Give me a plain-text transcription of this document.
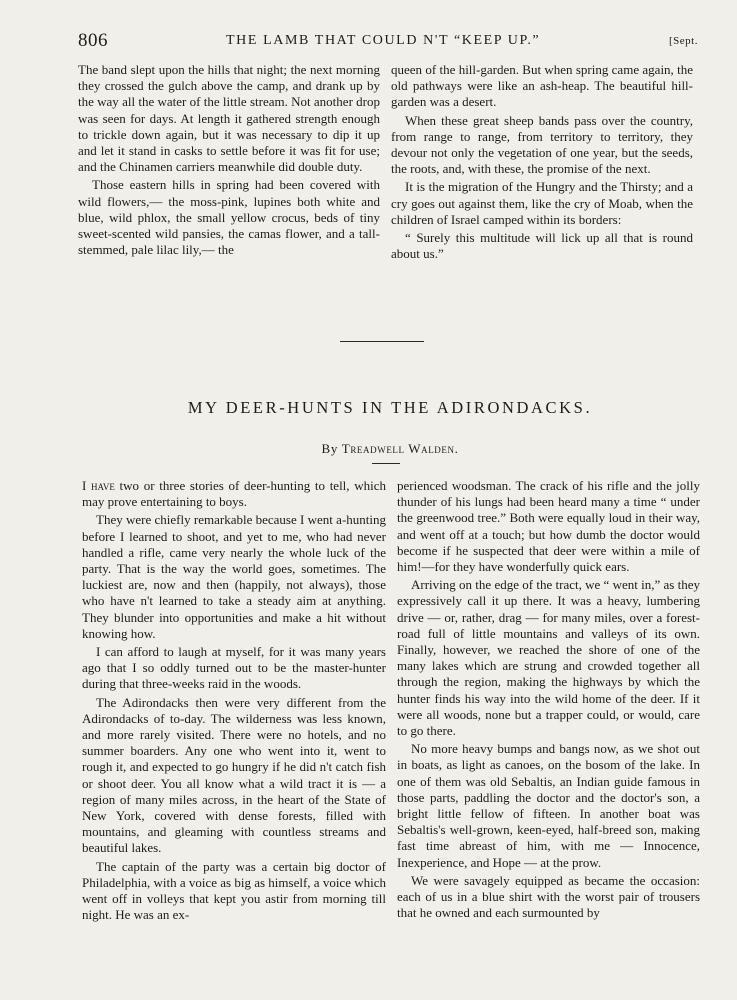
806	THE LAMB THAT COULD N'T “KEEP UP.”	[Sept.

The band slept upon the hills that night; the next morning they crossed the gulch above the camp, and drank up by the way all the water of the little stream. Not another drop was seen for days. At length it gathered strength enough to trickle down again, but it was necessary to dip it up and let it stand in casks to settle before it was fit for use; and the Chinamen carriers meanwhile did double duty.

Those eastern hills in spring had been covered with wild flowers,— the moss-pink, lupines both white and blue, wild phlox, the small yellow crocus, beds of tiny sweet-scented wild pansies, the camas flower, and a tall-stemmed, pale lilac lily,— the

queen of the hill-garden. But when spring came again, the old pathways were like an ash-heap. The beautiful hill-garden was a desert.

When these great sheep bands pass over the country, from range to range, from territory to territory, they devour not only the vegetation of one year, but the seeds, the roots, and, with these, the promise of the next.

It is the migration of the Hungry and the Thirsty; and a cry goes out against them, like the cry of Moab, when the children of Israel camped within its borders:

“ Surely this multitude will lick up all that is round about us.”

MY DEER-HUNTS IN THE ADIRONDACKS.
By Treadwell Walden.

I have two or three stories of deer-hunting to tell, which may prove entertaining to boys.

They were chiefly remarkable because I went a-hunting before I learned to shoot, and yet to me, who had never handled a rifle, came very nearly the whole luck of the party. That is the way the world goes, sometimes. The luckiest are, now and then (happily, not always), those who have n't learned to take a steady aim at anything. They blunder into opportunities and make a hit without knowing how.

I can afford to laugh at myself, for it was many years ago that I so oddly turned out to be the master-hunter during that three-weeks raid in the woods.

The Adirondacks then were very different from the Adirondacks of to-day. The wilderness was less known, and more rarely visited. There were no hotels, and no summer boarders. Any one who went into it, went to rough it, and expected to go hungry if he did n't catch fish or shoot deer. You all know what a wild tract it is — a region of many miles across, in the heart of the State of New York, covered with dense forests, filled with mountains, and gleaming with countless streams and beautiful lakes.

The captain of the party was a certain big doctor of Philadelphia, with a voice as big as himself, a voice which went off in volleys that kept you astir from morning till night. He was an ex-

perienced woodsman. The crack of his rifle and the jolly thunder of his lungs had been heard many a time “ under the greenwood tree.” Both were equally loud in their way, and went off at a touch; but how dumb the doctor would become if he suspected that deer were within a mile of him!—for they have wonderfully quick ears.

Arriving on the edge of the tract, we “ went in,” as they expressively call it up there. It was a heavy, lumbering drive — or, rather, drag — for many miles, over a forest-road full of little mountains and valleys of its own. Finally, however, we reached the shore of one of the many lakes which are strung and crowded together all through the region, making the highways by which the hunter finds his way into the wild home of the deer. If it were all woods, none but a trapper could, or would, care to go there.

No more heavy bumps and bangs now, as we shot out in boats, as light as canoes, on the bosom of the lake. In one of them was old Sebaltis, an Indian guide famous in those parts, paddling the doctor and the doctor's son, a bright little fellow of fifteen. In another boat was Sebaltis's well-grown, keen-eyed, half-breed son, making fast time abreast of him, with me — Innocence, Inexperience, and Hope — at the prow.

We were savagely equipped as became the occasion: each of us in a blue shirt with the worst pair of trousers that he owned and each surmounted by
